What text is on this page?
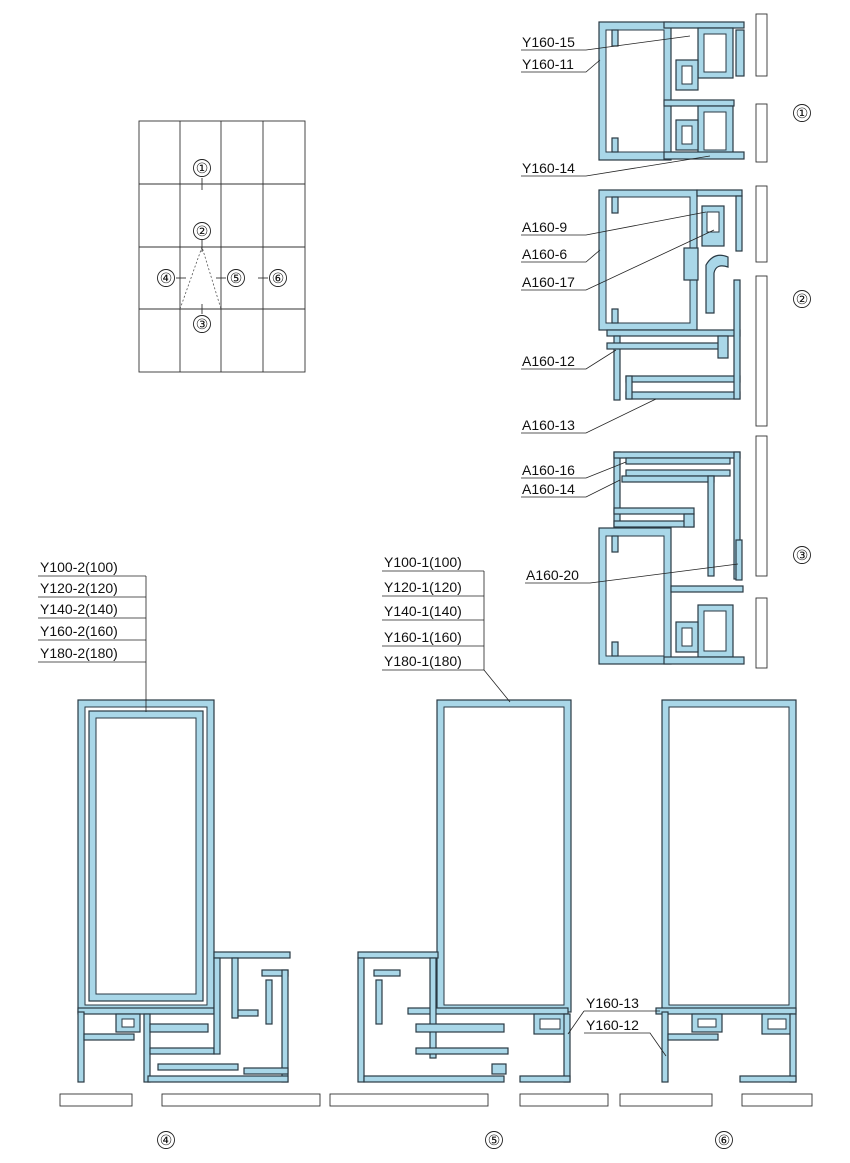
①
②
③
④	⑤ ⑥
①
Y160-15
Y160-11
Y160-14
②
A160-9
A160-6
A160-17
A160-12
A160-13
③
A160-16
A160-14
A160-20
Y100-2(100)
Y120-2(120)
Y140-2(140)
Y160-2(160)
Y180-2(180)
④
Y100-1(100)
Y120-1(120)
Y140-1(140)
Y160-1(160)
Y180-1(180)
⑤
Y160-13
Y160-12
⑥
